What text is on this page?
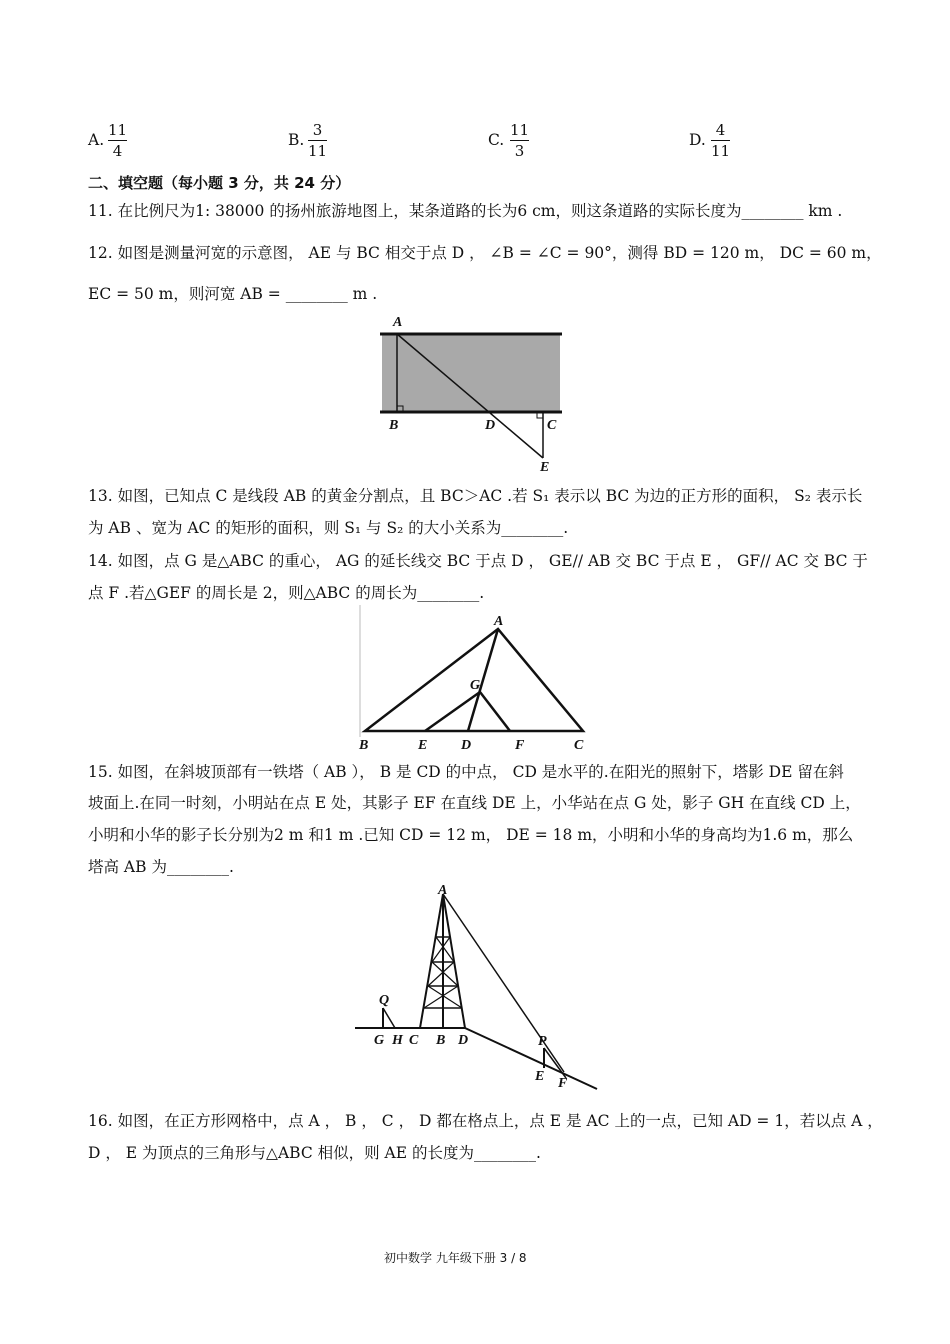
A.
11
4
B.
3
11
C.
11
3
D.
4
11
二、填空题（每小题 3 分，共 24 分）
11. 在比例尺为1: 38000 的扬州旅游地图上，某条道路的长为6 cm，则这条道路的实际长度为________ km .
12. 如图是测量河宽的示意图， AE 与 BC 相交于点 D ， ∠B = ∠C = 90°，测得 BD = 120 m， DC = 60 m，
EC = 50 m，则河宽 AB = ________ m .
A
B	D	C
E
13. 如图，已知点 C 是线段 AB 的黄金分割点，且 BC＞AC .若 S₁ 表示以 BC 为边的正方形的面积， S₂ 表示长
为 AB 、宽为 AC 的矩形的面积，则 S₁ 与 S₂ 的大小关系为________.
14. 如图，点 G 是△ABC 的重心， AG 的延长线交 BC 于点 D ， GE// AB 交 BC 于点 E ， GF// AC 交 BC 于
点 F .若△GEF 的周长是 2，则△ABC 的周长为________.
A
G
B	E D	F	C
15. 如图，在斜坡顶部有一铁塔（ AB ）， B 是 CD 的中点， CD 是水平的.在阳光的照射下，塔影 DE 留在斜
坡面上.在同一时刻，小明站在点 E 处，其影子 EF 在直线 DE 上，小华站在点 G 处，影子 GH 在直线 CD 上，
小明和小华的影子长分别为2 m 和1 m .已知 CD = 12 m， DE = 18 m，小明和小华的身高均为1.6 m，那么
塔高 AB 为________.
A
Q
G H C B D	P
E F
16. 如图，在正方形网格中，点 A ， B ， C ， D 都在格点上，点 E 是 AC 上的一点，已知 AD = 1，若以点 A ，
D ， E 为顶点的三角形与△ABC 相似，则 AE 的长度为________.
初中数学 九年级下册 3 / 8
